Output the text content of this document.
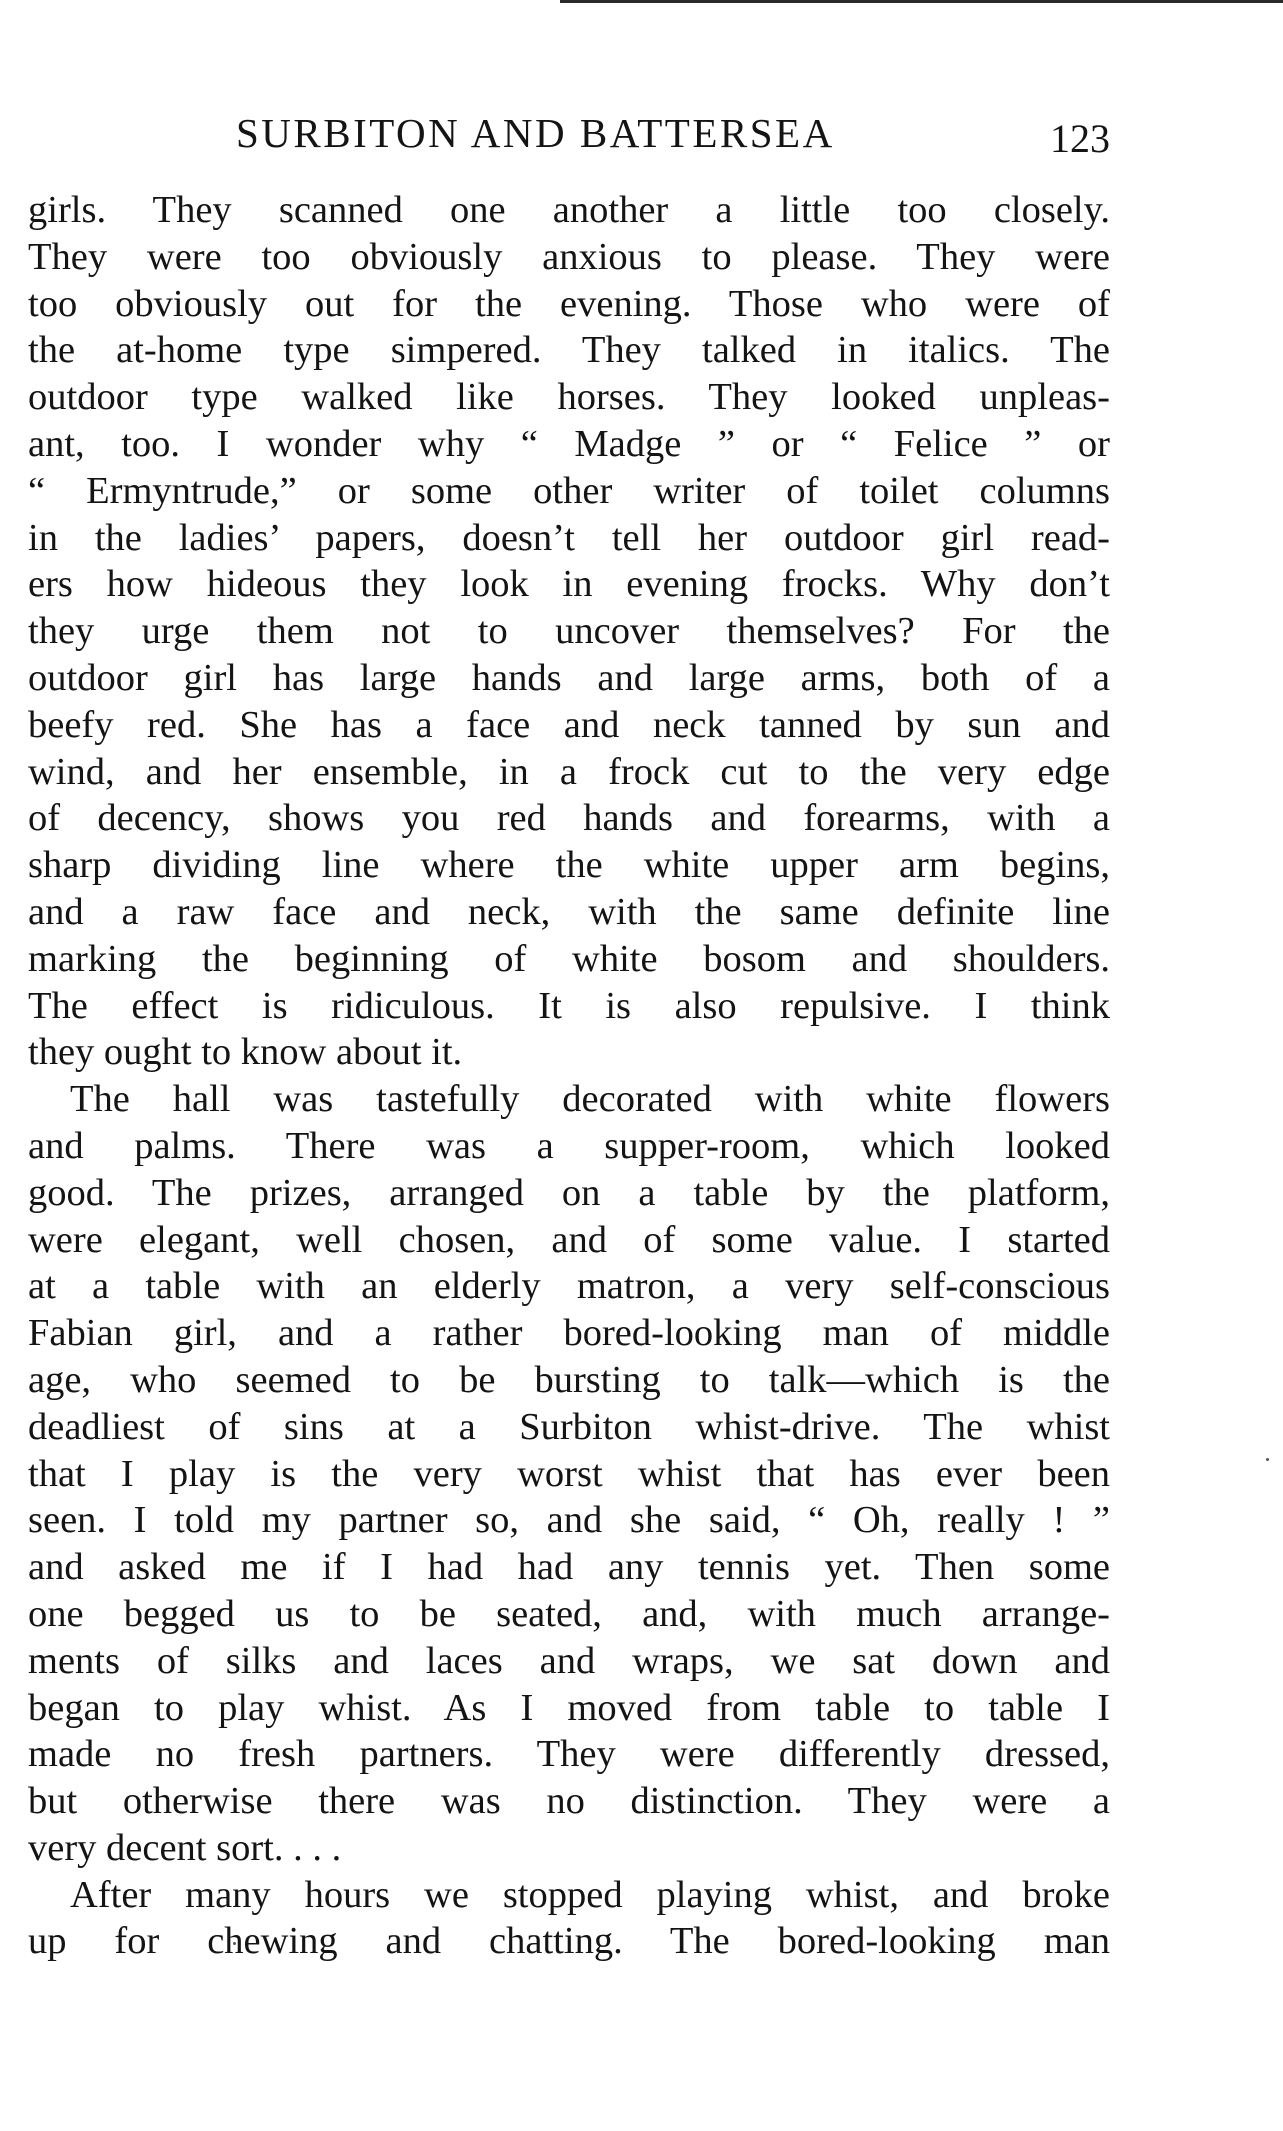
SURBITON AND BATTERSEA	123
girls. They scanned one another a little too closely.
They were too obviously anxious to please. They were
too obviously out for the evening. Those who were of
the at-home type simpered. They talked in italics. The
outdoor type walked like horses. They looked unpleas-
ant, too. I wonder why “ Madge ” or “ Felice ” or
“ Ermyntrude,” or some other writer of toilet columns
in the ladies’ papers, doesn’t tell her outdoor girl read-
ers how hideous they look in evening frocks. Why don’t
they urge them not to uncover themselves? For the
outdoor girl has large hands and large arms, both of a
beefy red. She has a face and neck tanned by sun and
wind, and her ensemble, in a frock cut to the very edge
of decency, shows you red hands and forearms, with a
sharp dividing line where the white upper arm begins,
and a raw face and neck, with the same definite line
marking the beginning of white bosom and shoulders.
The effect is ridiculous. It is also repulsive. I think
they ought to know about it.
The hall was tastefully decorated with white flowers
and palms. There was a supper-room, which looked
good. The prizes, arranged on a table by the platform,
were elegant, well chosen, and of some value. I started
at a table with an elderly matron, a very self-conscious
Fabian girl, and a rather bored-looking man of middle
age, who seemed to be bursting to talk—which is the
deadliest of sins at a Surbiton whist-drive. The whist
that I play is the very worst whist that has ever been
seen. I told my partner so, and she said, “ Oh, really ! ”
and asked me if I had had any tennis yet. Then some
one begged us to be seated, and, with much arrange-
ments of silks and laces and wraps, we sat down and
began to play whist. As I moved from table to table I
made no fresh partners. They were differently dressed,
but otherwise there was no distinction. They were a
very decent sort. . . .
After many hours we stopped playing whist, and broke
up for chewing and chatting. The bored-looking man
